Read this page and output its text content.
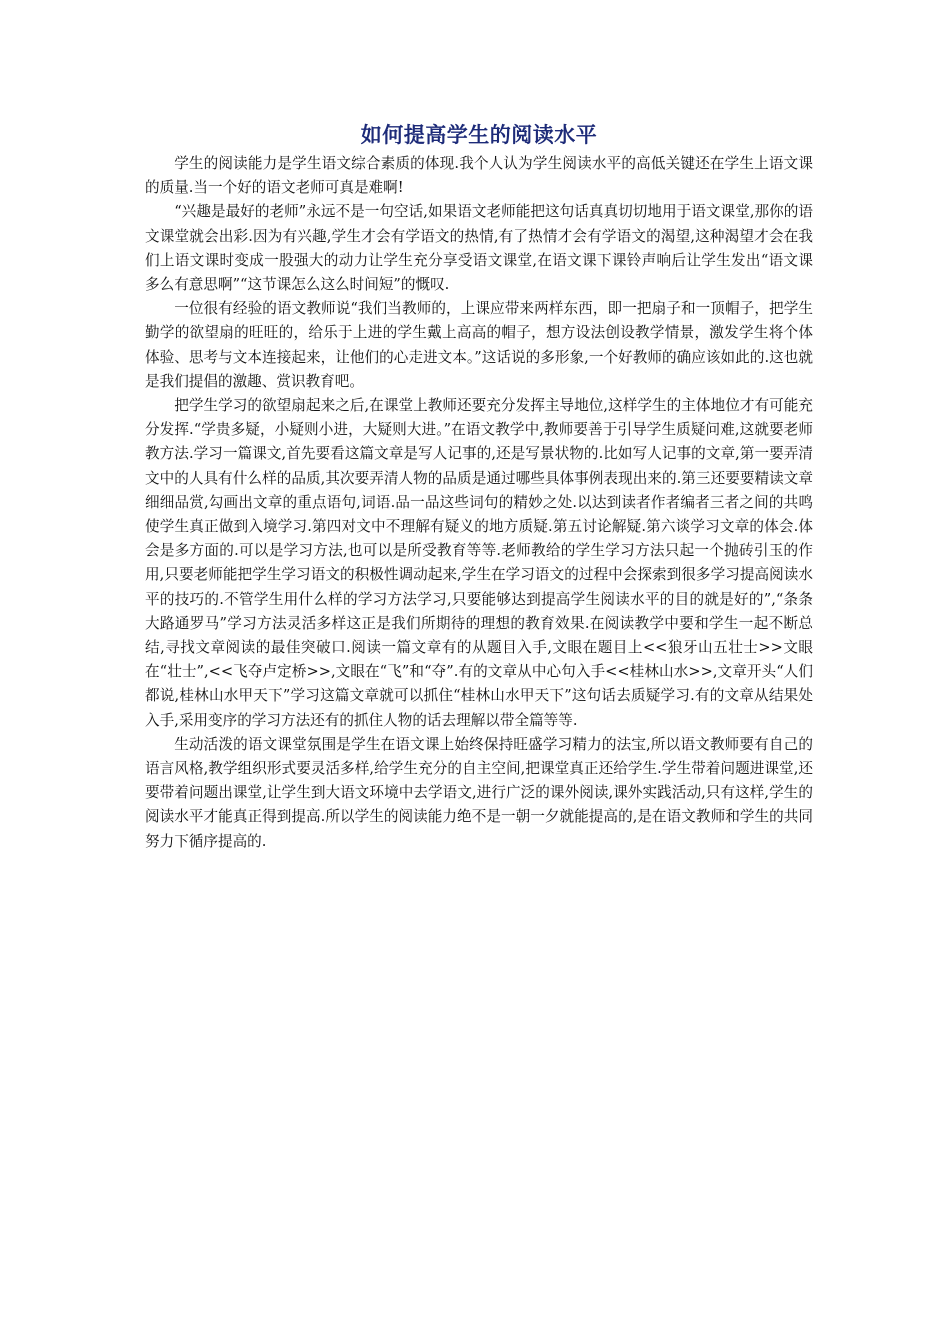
如何提高学生的阅读水平

学生的阅读能力是学生语文综合素质的体现.我个人认为学生阅读水平的高低关键还在学生上语文课的质量.当一个好的语文老师可真是难啊!

“兴趣是最好的老师”永远不是一句空话,如果语文老师能把这句话真真切切地用于语文课堂,那你的语文课堂就会出彩.因为有兴趣,学生才会有学语文的热情,有了热情才会有学语文的渴望,这种渴望才会在我们上语文课时变成一股强大的动力让学生充分享受语文课堂,在语文课下课铃声响后让学生发出“语文课多么有意思啊”“这节课怎么这么时间短”的慨叹.

一位很有经验的语文教师说“我们当教师的，上课应带来两样东西，即一把扇子和一顶帽子，把学生勤学的欲望扇的旺旺的，给乐于上进的学生戴上高高的帽子，想方设法创设教学情景，激发学生将个体体验、思考与文本连接起来，让他们的心走进文本。”这话说的多形象,一个好教师的确应该如此的.这也就是我们提倡的激趣、赏识教育吧。

把学生学习的欲望扇起来之后,在课堂上教师还要充分发挥主导地位,这样学生的主体地位才有可能充分发挥.“学贵多疑，小疑则小进，大疑则大进。”在语文教学中,教师要善于引导学生质疑问难,这就要老师教方法.学习一篇课文,首先要看这篇文章是写人记事的,还是写景状物的.比如写人记事的文章,第一要弄清文中的人具有什么样的品质,其次要弄清人物的品质是通过哪些具体事例表现出来的.第三还要要精读文章细细品赏,勾画出文章的重点语句,词语.品一品这些词句的精妙之处.以达到读者作者编者三者之间的共鸣使学生真正做到入境学习.第四对文中不理解有疑义的地方质疑.第五讨论解疑.第六谈学习文章的体会.体会是多方面的.可以是学习方法,也可以是所受教育等等.老师教给的学生学习方法只起一个抛砖引玉的作用,只要老师能把学生学习语文的积极性调动起来,学生在学习语文的过程中会探索到很多学习提高阅读水平的技巧的.不管学生用什么样的学习方法学习,只要能够达到提高学生阅读水平的目的就是好的”,“条条大路通罗马”学习方法灵活多样这正是我们所期待的理想的教育效果.在阅读教学中要和学生一起不断总结,寻找文章阅读的最佳突破口.阅读一篇文章有的从题目入手,文眼在题目上<<狼牙山五壮士>>文眼在“壮士”,<<飞夺卢定桥>>,文眼在“飞”和“夺”.有的文章从中心句入手<<桂林山水>>,文章开头“人们都说,桂林山水甲天下”学习这篇文章就可以抓住“桂林山水甲天下”这句话去质疑学习.有的文章从结果处入手,采用变序的学习方法还有的抓住人物的话去理解以带全篇等等.

生动活泼的语文课堂氛围是学生在语文课上始终保持旺盛学习精力的法宝,所以语文教师要有自己的语言风格,教学组织形式要灵活多样,给学生充分的自主空间,把课堂真正还给学生.学生带着问题进课堂,还要带着问题出课堂,让学生到大语文环境中去学语文,进行广泛的课外阅读,课外实践活动,只有这样,学生的阅读水平才能真正得到提高.所以学生的阅读能力绝不是一朝一夕就能提高的,是在语文教师和学生的共同努力下循序提高的.
